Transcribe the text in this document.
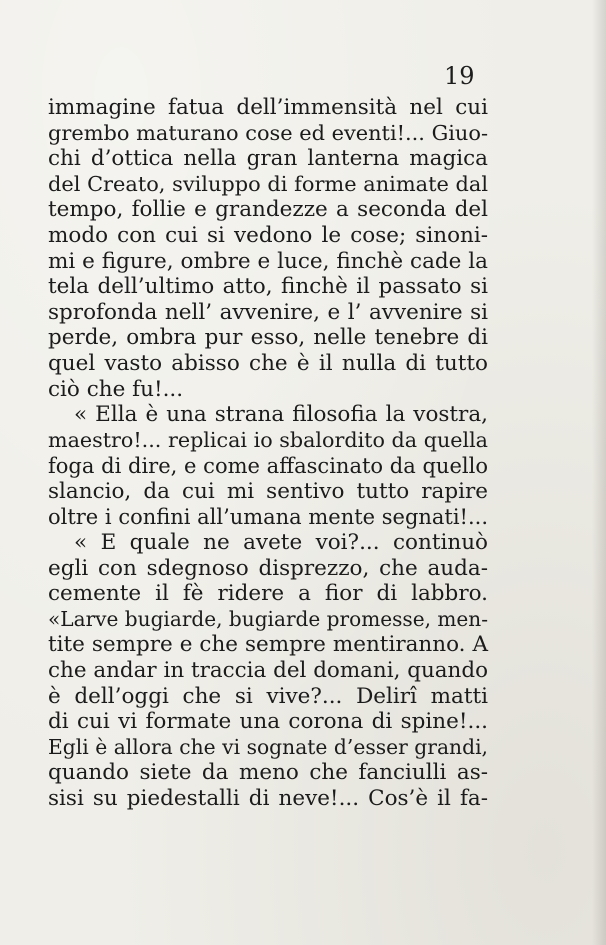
19
immagine fatua dell’immensità nel cui
grembo maturano cose ed eventi!... Giuo-
chi d’ottica nella gran lanterna magica
del Creato, sviluppo di forme animate dal
tempo, follie e grandezze a seconda del
modo con cui si vedono le cose; sinoni-
mi e figure, ombre e luce, finchè cade la
tela dell’ultimo atto, finchè il passato si
sprofonda nell’ avvenire, e l’ avvenire si
perde, ombra pur esso, nelle tenebre di
quel vasto abisso che è il nulla di tutto
ciò che fu!...
« Ella è una strana filosofia la vostra,
maestro!... replicai io sbalordito da quella
foga di dire, e come affascinato da quello
slancio, da cui mi sentivo tutto rapire
oltre i confini all’umana mente segnati!...
« E quale ne avete voi?... continuò
egli con sdegnoso disprezzo, che auda-
cemente il fè ridere a fior di labbro.
«Larve bugiarde, bugiarde promesse, men-
tite sempre e che sempre mentiranno. A
che andar in traccia del domani, quando
è dell’oggi che si vive?... Delirî matti
di cui vi formate una corona di spine!...
Egli è allora che vi sognate d’esser grandi,
quando siete da meno che fanciulli as-
sisi su piedestalli di neve!... Cos’è il fa-
